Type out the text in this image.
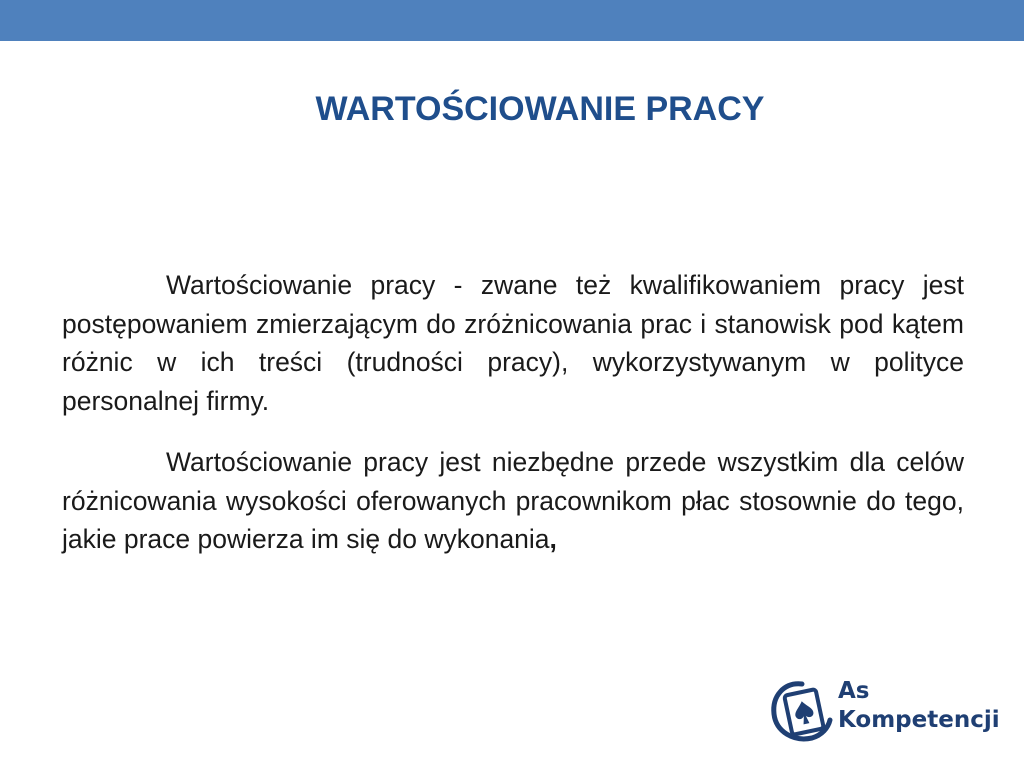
WARTOŚCIOWANIE PRACY

Wartościowanie pracy - zwane też kwalifikowaniem pracy jest postępowaniem zmierzającym do zróżnicowania prac i stanowisk pod kątem różnic w ich treści (trudności pracy), wykorzystywanym w polityce personalnej firmy.

Wartościowanie pracy jest niezbędne przede wszystkim dla celów różnicowania wysokości oferowanych pracownikom płac stosownie do tego, jakie prace powierza im się do wykonania,

As
Kompetencji
